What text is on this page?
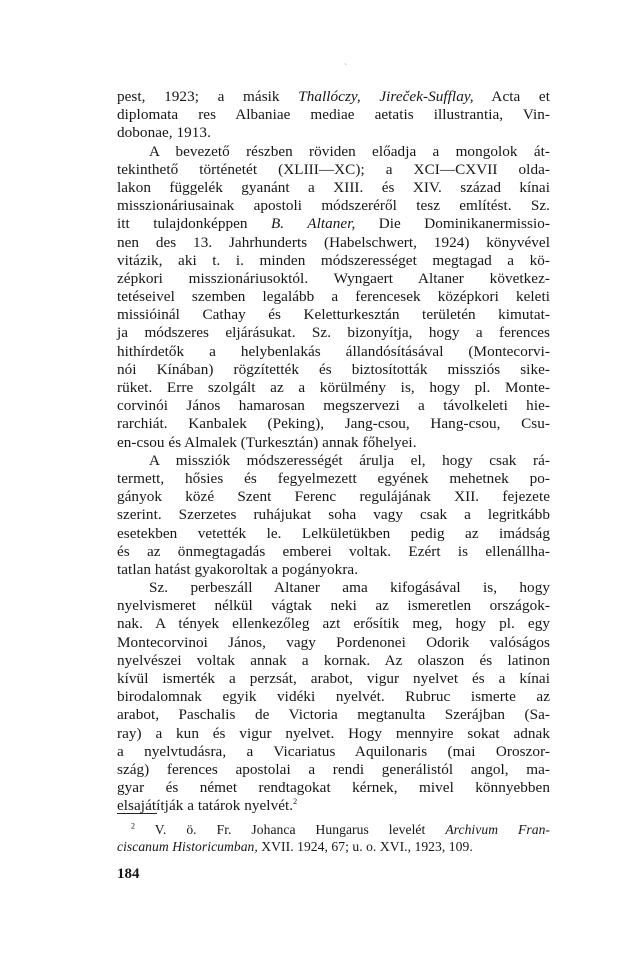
`
pest, 1923; a másik Thallóczy, Jireček-Sufflay, Acta et
diplomata res Albaniae mediae aetatis illustrantia, Vin-
dobonae, 1913.
A bevezető részben röviden előadja a mongolok át-
tekinthető történetét (XLIII—XC); a XCI—CXVII olda-
lakon függelék gyanánt a XIII. és XIV. század kínai
misszionáriusainak apostoli módszeréről tesz említést. Sz.
itt tulajdonképpen B. Altaner, Die Dominikanermissio-
nen des 13. Jahrhunderts (Habelschwert, 1924) könyvével
vitázik, aki t. i. minden módszerességet megtagad a kö-
zépkori misszionáriusoktól. Wyngaert Altaner következ-
tetéseivel szemben legalább a ferencesek középkori keleti
missióinál Cathay és Keletturkesztán területén kimutat-
ja módszeres eljárásukat. Sz. bizonyítja, hogy a ferences
hithírdetők a helybenlakás állandósításával (Montecorvi-
nói Kínában) rögzítették és biztosították missziós sike-
rüket. Erre szolgált az a körülmény is, hogy pl. Monte-
corvinói János hamarosan megszervezi a távolkeleti hie-
rarchiát. Kanbalek (Peking), Jang-csou, Hang-csou, Csu-
en-csou és Almalek (Turkesztán) annak főhelyei.
A missziók módszerességét árulja el, hogy csak rá-
termett, hősies és fegyelmezett egyének mehetnek po-
gányok közé Szent Ferenc regulájának XII. fejezete
szerint. Szerzetes ruhájukat soha vagy csak a legritkább
esetekben vetették le. Lelkületükben pedig az imádság
és az önmegtagadás emberei voltak. Ezért is ellenállha-
tatlan hatást gyakoroltak a pogányokra.
Sz. perbeszáll Altaner ama kifogásával is, hogy
nyelvismeret nélkül vágtak neki az ismeretlen országok-
nak. A tények ellenkezőleg azt erősítik meg, hogy pl. egy
Montecorvinoi János, vagy Pordenonei Odorik valóságos
nyelvészei voltak annak a kornak. Az olaszon és latinon
kívül ismerték a perzsát, arabot, vigur nyelvet és a kínai
birodalomnak egyik vidéki nyelvét. Rubruc ismerte az
arabot, Paschalis de Victoria megtanulta Szerájban (Sa-
ray) a kun és vigur nyelvet. Hogy mennyire sokat adnak
a nyelvtudásra, a Vicariatus Aquilonaris (mai Oroszor-
szág) ferences apostolai a rendi generálistól angol, ma-
gyar és német rendtagokat kérnek, mivel könnyebben
elsajátítják a tatárok nyelvét.$^2$
$^2$ V. ö. Fr. Johanca Hungarus levelét Archivum Fran-
ciscanum Historicumban, XVII. 1924, 67; u. o. XVI., 1923, 109.
184
